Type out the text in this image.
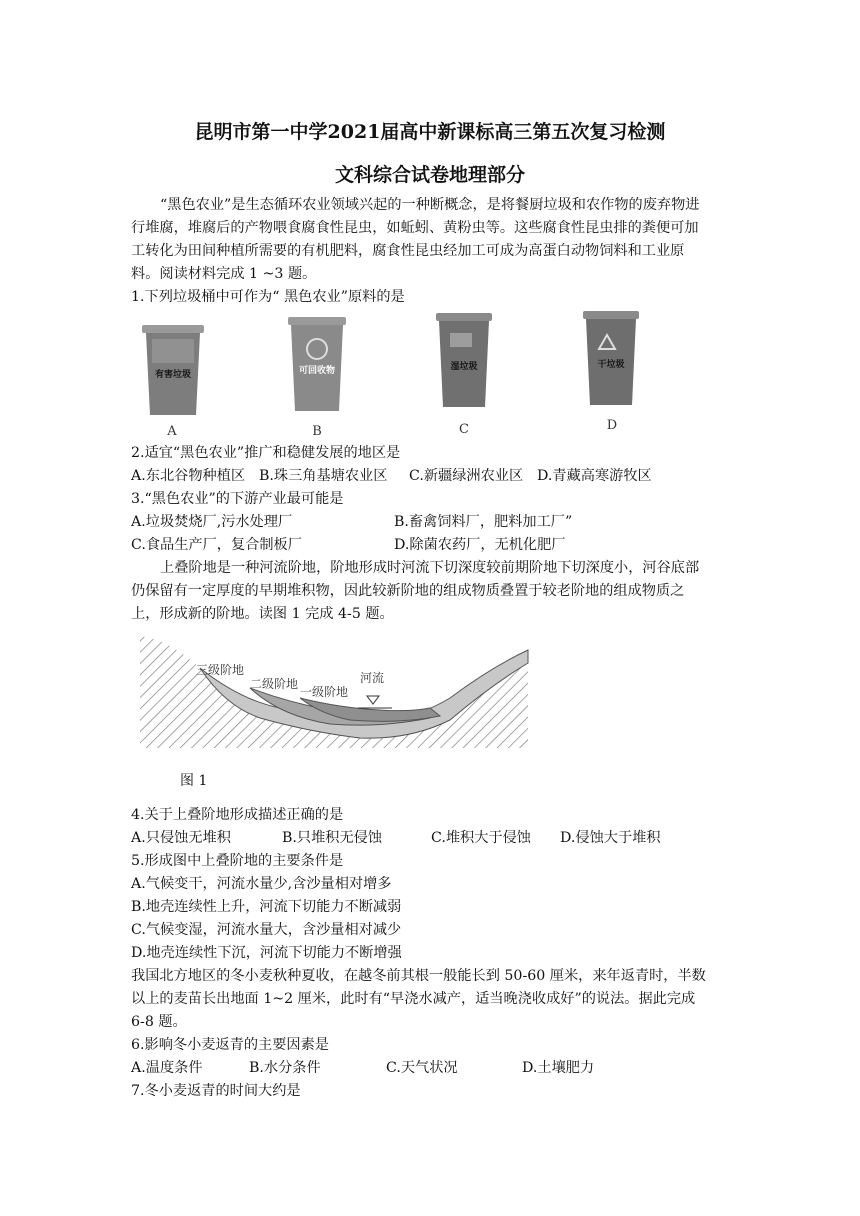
昆明市第一中学2021届高中新课标高三第五次复习检测
文科综合试卷地理部分
“黑色农业”是生态循环农业领域兴起的一种断概念，是将餐厨垃圾和农作物的废弃物进
行堆腐，堆腐后的产物喂食腐食性昆虫，如蚯蚓、黄粉虫等。这些腐食性昆虫排的粪便可加
工转化为田间种植所需要的有机肥料，腐食性昆虫经加工可成为高蛋白动物饲料和工业原
料。阅读材料完成 1 ~3 题。
1.下列垃圾桶中可作为“ 黑色农业”原料的是
有害垃圾
A
可回收物
B
湿垃圾
C
干垃圾
D
2.适宜“黑色农业”推广和稳健发展的地区是
A.东北谷物种植区 B.珠三角基塘农业区 C.新疆绿洲农业区 D.青藏高寒游牧区
3.“黑色农业”的下游产业最可能是
A.垃圾焚烧厂,污水处理厂	B.畜禽饲料厂，肥料加工厂”
C.食品生产厂，复合制板厂	D.除菌农药厂，无机化肥厂
上叠阶地是一种河流阶地，阶地形成时河流下切深度较前期阶地下切深度小，河谷底部
仍保留有一定厚度的早期堆积物，因此较新阶地的组成物质叠置于较老阶地的组成物质之
上，形成新的阶地。读图 1 完成 4-5 题。
三级阶地
二级阶地
一级阶地
河流
图 1
4.关于上叠阶地形成描述正确的是
A.只侵蚀无堆积	B.只堆积无侵蚀	C.堆积大于侵蚀 D.侵蚀大于堆积
5.形成图中上叠阶地的主要条件是
A.气候变干，河流水量少,含沙量相对增多
B.地壳连续性上升，河流下切能力不断减弱
C.气候变湿，河流水量大，含沙量相对减少
D.地壳连续性下沉，河流下切能力不断增强
我国北方地区的冬小麦秋种夏收，在越冬前其根一般能长到 50-60 厘米，来年返青时，半数
以上的麦苗长出地面 1~2 厘米，此时有“早浇水减产，适当晚浇收成好”的说法。据此完成
6-8 题。
6.影响冬小麦返青的主要因素是
A.温度条件	B.水分条件	C.天气状况	D.土壤肥力
7.冬小麦返青的时间大约是
